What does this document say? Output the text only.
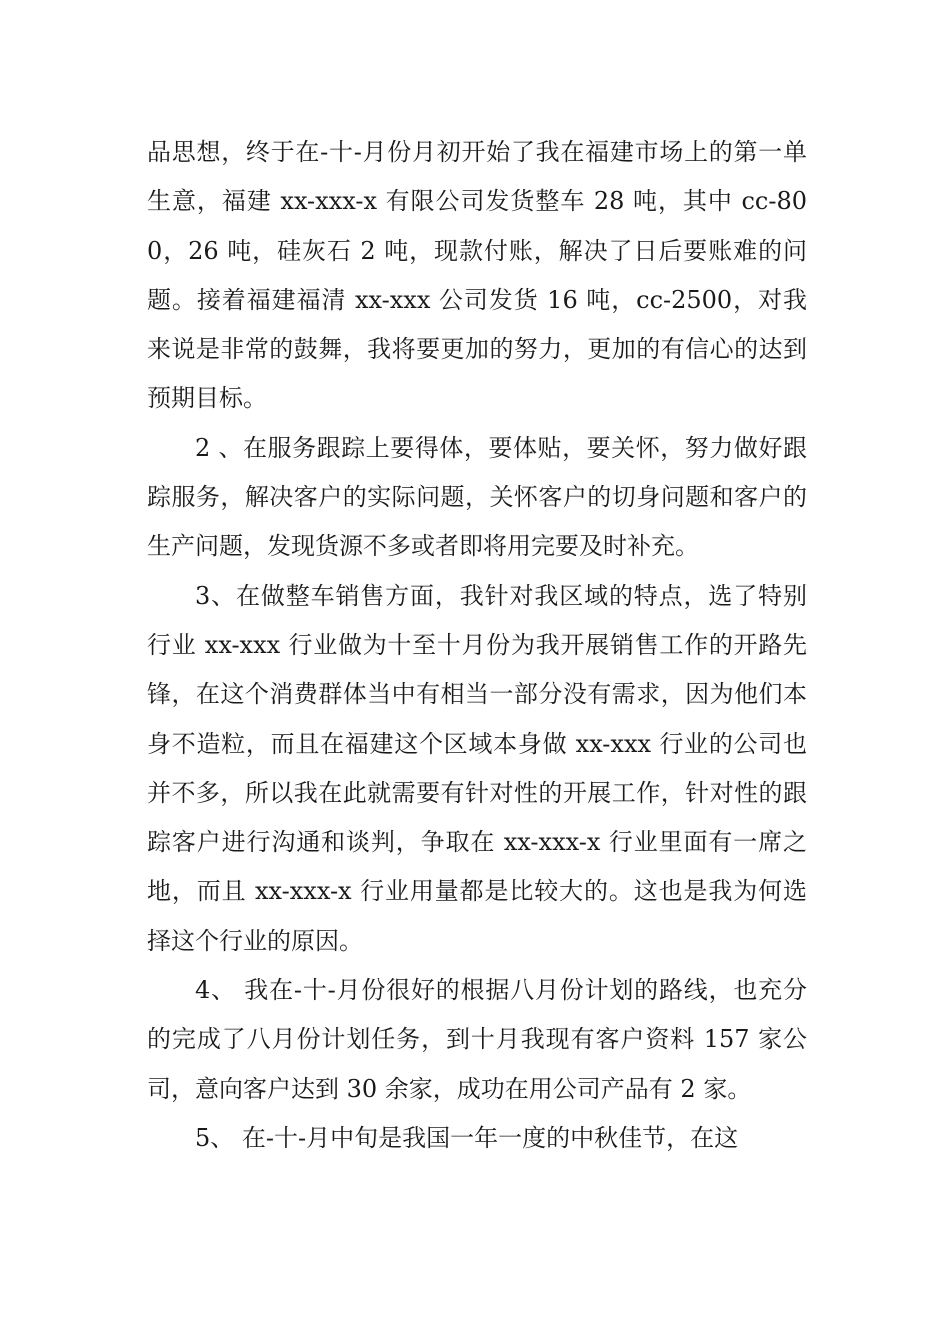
品思想，终于在-十-月份月初开始了我在福建市场上的第一单生意，福建 xx-xxx-x 有限公司发货整车 28 吨，其中 cc-800，26 吨，硅灰石 2 吨，现款付账，解决了日后要账难的问题。接着福建福清 xx-xxx 公司发货 16 吨，cc-2500，对我来说是非常的鼓舞，我将要更加的努力，更加的有信心的达到预期目标。

2 、在服务跟踪上要得体，要体贴，要关怀，努力做好跟踪服务，解决客户的实际问题，关怀客户的切身问题和客户的生产问题，发现货源不多或者即将用完要及时补充。

3、在做整车销售方面，我针对我区域的特点，选了特别行业 xx-xxx 行业做为十至十月份为我开展销售工作的开路先锋，在这个消费群体当中有相当一部分没有需求，因为他们本身不造粒，而且在福建这个区域本身做 xx-xxx 行业的公司也并不多，所以我在此就需要有针对性的开展工作，针对性的跟踪客户进行沟通和谈判，争取在 xx-xxx-x 行业里面有一席之地，而且 xx-xxx-x 行业用量都是比较大的。这也是我为何选择这个行业的原因。

4、 我在-十-月份很好的根据八月份计划的路线，也充分的完成了八月份计划任务，到十月我现有客户资料 157 家公司，意向客户达到 30 余家，成功在用公司产品有 2 家。

5、 在-十-月中旬是我国一年一度的中秋佳节，在这
